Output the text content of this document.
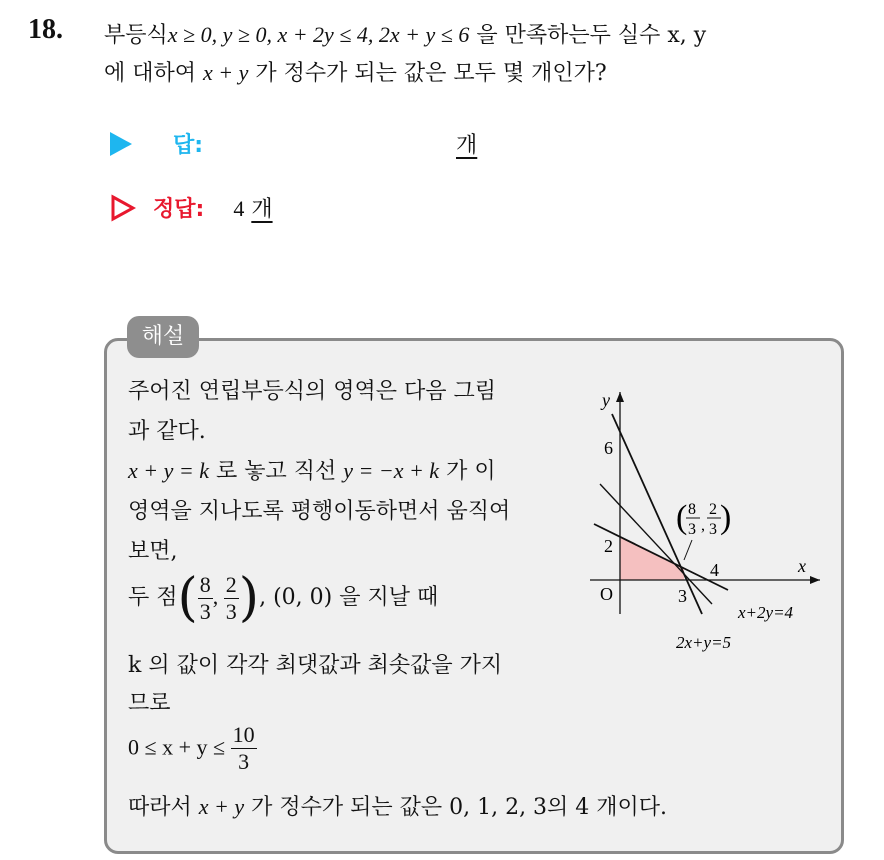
18. 부등식x ≥ 0, y ≥ 0, x + 2y ≤ 4, 2x + y ≤ 6 을 만족하는두 실수 x, y
에 대하여 x + y 가 정수가 되는 값은 모두 몇 개인가?
답:	개
정답: 4 개
해설
주어진 연립부등식의 영역은 다음 그림
과 같다.
x + y = k 로 놓고 직선 y = −x + k 가 이
영역을 지나도록 평행이동하면서 움직여
보면,
두 점( $\frac{8}{3}$ , $\frac{2}{3}$ ), (0, 0) 을 지날 때
k 의 값이 각각 최댓값과 최솟값을 가지
므로
$0 \le x + y \le \frac{10}{3}$
따라서 x + y 가 정수가 되는 값은 0, 1, 2, 3의 4 개이다.
y
x
6
2
O	3
4
( 8
3 ,
2
3 )
x+2y=4
2x+y=5
